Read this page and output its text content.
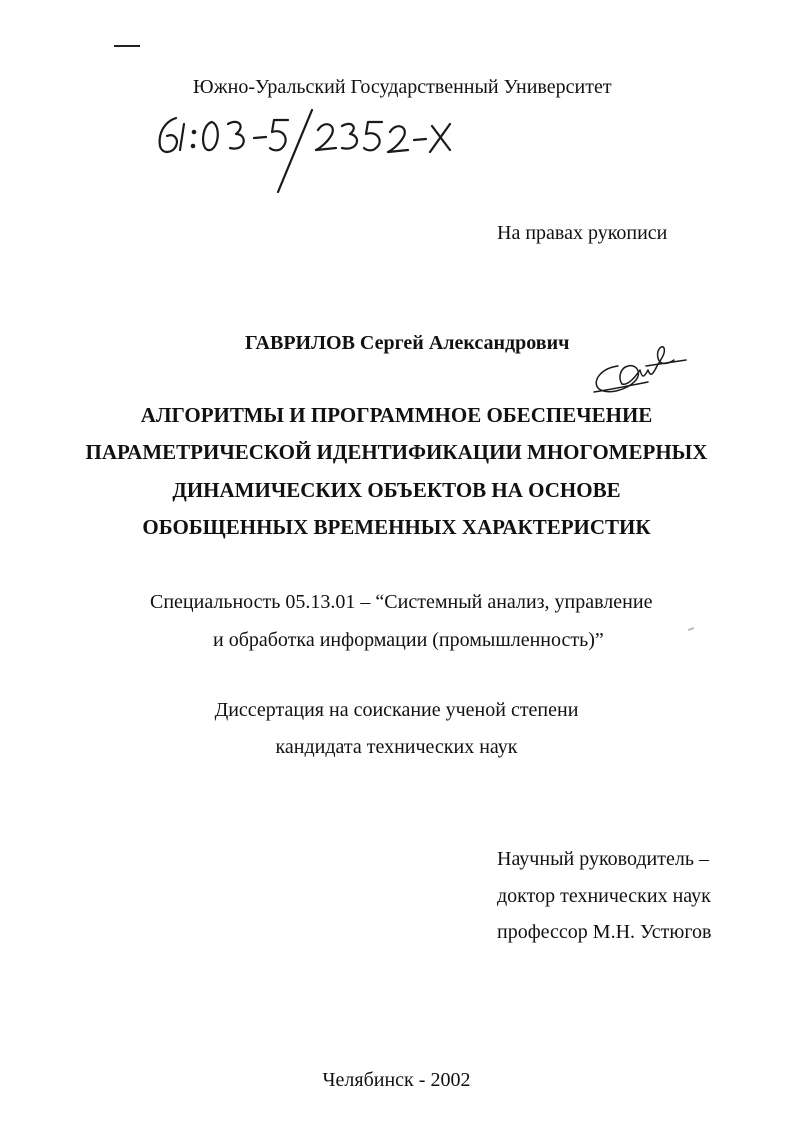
Южно-Уральский Государственный Университет
На правах рукописи
ГАВРИЛОВ Сергей Александрович
АЛГОРИТМЫ И ПРОГРАММНОЕ ОБЕСПЕЧЕНИЕ
ПАРАМЕТРИЧЕСКОЙ ИДЕНТИФИКАЦИИ МНОГОМЕРНЫХ
ДИНАМИЧЕСКИХ ОБЪЕКТОВ НА ОСНОВЕ
ОБОБЩЕННЫХ ВРЕМЕННЫХ ХАРАКТЕРИСТИК
Специальность 05.13.01 – “Системный анализ, управление
и обработка информации (промышленность)”
Диссертация на соискание ученой степени
кандидата технических наук
Научный руководитель –
доктор технических наук
профессор М.Н. Устюгов
Челябинск - 2002
